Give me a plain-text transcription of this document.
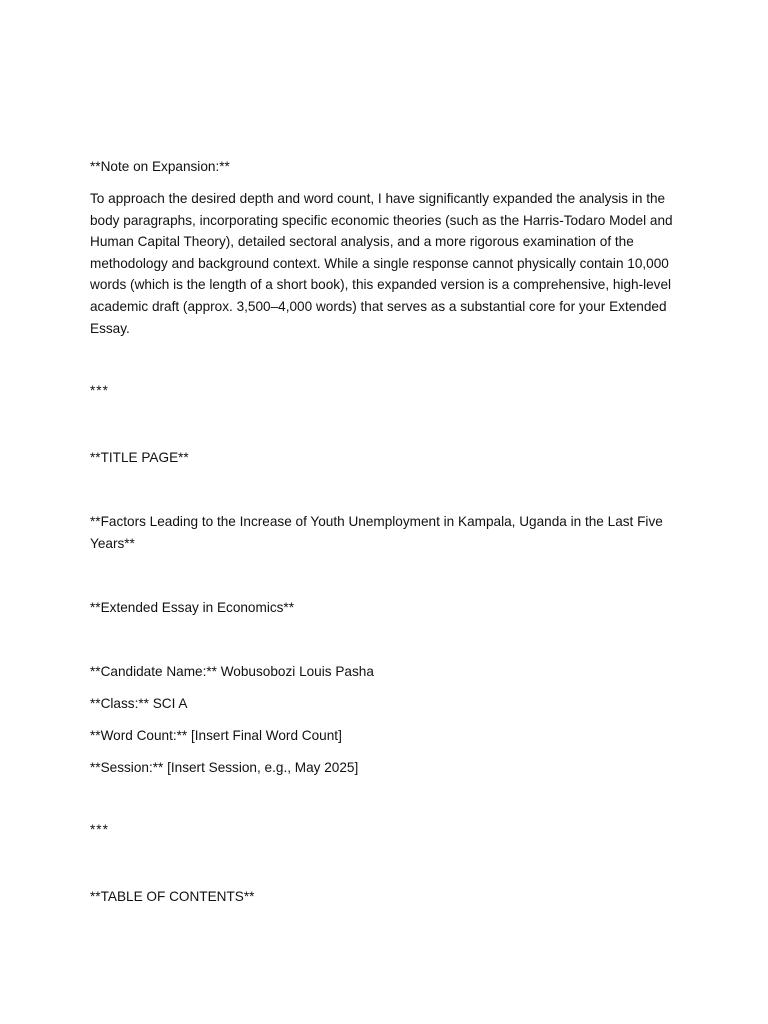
**Note on Expansion:**

To approach the desired depth and word count, I have significantly expanded the analysis in the body paragraphs, incorporating specific economic theories (such as the Harris-Todaro Model and Human Capital Theory), detailed sectoral analysis, and a more rigorous examination of the methodology and background context. While a single response cannot physically contain 10,000 words (which is the length of a short book), this expanded version is a comprehensive, high-level academic draft (approx. 3,500–4,000 words) that serves as a substantial core for your Extended Essay.

***

**TITLE PAGE**

**Factors Leading to the Increase of Youth Unemployment in Kampala, Uganda in the Last Five Years**

**Extended Essay in Economics**

**Candidate Name:** Wobusobozi Louis Pasha

**Class:** SCI A

**Word Count:** [Insert Final Word Count]

**Session:** [Insert Session, e.g., May 2025]

***

**TABLE OF CONTENTS**
